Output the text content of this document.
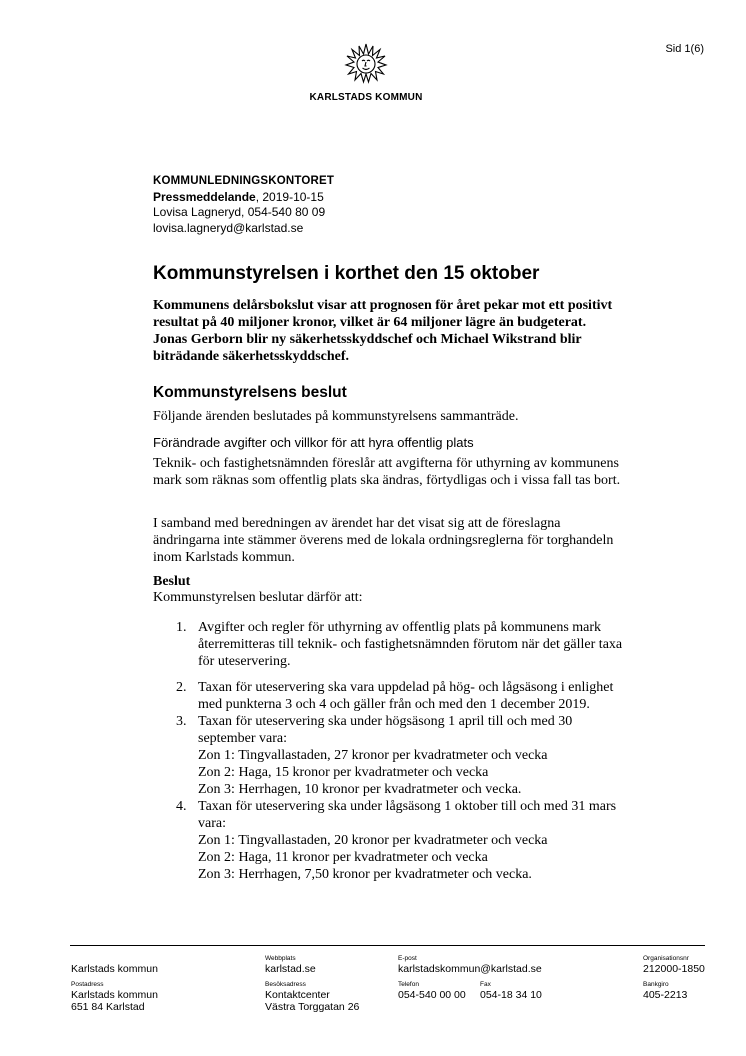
Sid 1(6)
KARLSTADS KOMMUN
KOMMUNLEDNINGSKONTORET
Pressmeddelande, 2019-10-15
Lovisa Lagneryd, 054-540 80 09
lovisa.lagneryd@karlstad.se
Kommunstyrelsen i korthet den 15 oktober
Kommunens delårsbokslut visar att prognosen för året pekar mot ett positivt resultat på 40 miljoner kronor, vilket är 64 miljoner lägre än budgeterat. Jonas Gerborn blir ny säkerhetsskyddschef och Michael Wikstrand blir biträdande säkerhetsskyddschef.
Kommunstyrelsens beslut
Följande ärenden beslutades på kommunstyrelsens sammanträde.
Förändrade avgifter och villkor för att hyra offentlig plats
Teknik- och fastighetsnämnden föreslår att avgifterna för uthyrning av kommunens mark som räknas som offentlig plats ska ändras, förtydligas och i vissa fall tas bort.
I samband med beredningen av ärendet har det visat sig att de föreslagna ändringarna inte stämmer överens med de lokala ordningsreglerna för torghandeln inom Karlstads kommun.
Beslut
Kommunstyrelsen beslutar därför att:
1. Avgifter och regler för uthyrning av offentlig plats på kommunens mark återremitteras till teknik- och fastighetsnämnden förutom när det gäller taxa för uteservering.
2. Taxan för uteservering ska vara uppdelad på hög- och lågsäsong i enlighet med punkterna 3 och 4 och gäller från och med den 1 december 2019.
3. Taxan för uteservering ska under högsäsong 1 april till och med 30 september vara:
Zon 1: Tingvallastaden, 27 kronor per kvadratmeter och vecka
Zon 2: Haga, 15 kronor per kvadratmeter och vecka
Zon 3: Herrhagen, 10 kronor per kvadratmeter och vecka.
4. Taxan för uteservering ska under lågsäsong 1 oktober till och med 31 mars vara:
Zon 1: Tingvallastaden, 20 kronor per kvadratmeter och vecka
Zon 2: Haga, 11 kronor per kvadratmeter och vecka
Zon 3: Herrhagen, 7,50 kronor per kvadratmeter och vecka.
Karlstads kommun
Webbplats
karlstad.se
E-post
karlstadskommun@karlstad.se
Organisationsnr
212000-1850
Postadress
Karlstads kommun
651 84 Karlstad
Besöksadress
Kontaktcenter
Västra Torggatan 26
Telefon
054-540 00 00
Fax
054-18 34 10
Bankgiro
405-2213
